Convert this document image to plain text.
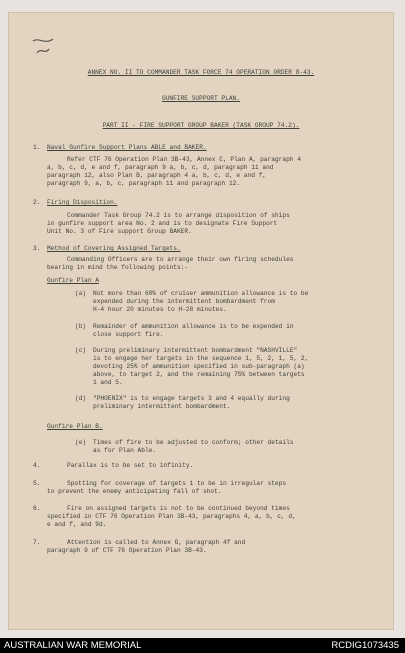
ANNEX NO. II TO COMMANDER TASK FORCE 74 OPERATION ORDER 8-43.
GUNFIRE SUPPORT PLAN.
PART II - FIRE SUPPORT GROUP BAKER (TASK GROUP 74.2).
1. Naval Gunfire Support Plans ABLE and BAKER.
Refer CTF 76 Operation Plan 3B-43, Annex C, Plan A, paragraph 4
a, b, c, d, e and f, paragraph 9 a, b, c, d, paragraph 11 and
paragraph 12, also Plan B, paragraph 4 a, b, c, d, e and f,
paragraph 9, a, b, c, paragraph 11 and paragraph 12.
2. Firing Disposition.
Commander Task Group 74.2 is to arrange disposition of ships
in gunfire support area No. 2 and is to designate Fire Support
Unit No. 3 of Fire support Group BAKER.
3. Method of Covering Assigned Targets.
Commanding Officers are to arrange their own firing schedules
bearing in mind the following points:-
Gunfire Plan A
(a) Not more than 60% of cruiser ammunition allowance is to be
expended during the intermittent bombardment from
H-4 hour 20 minutes to H-28 minutes.
(b) Remainder of ammunition allowance is to be expended in
close support fire.
(c) During preliminary intermittent bombardment "NASHVILLE"
is to engage her targets in the sequence 1, 5, 2, 1, 5, 2,
devoting 25% of ammunition specified in sub-paragraph (a)
above, to target 2, and the remaining 75% between targets
1 and 5.
(d) "PHOENIX" is to engage targets 3 and 4 equally during
preliminary intermittent bombardment.
Gunfire Plan B.
(e) Times of fire to be adjusted to conform; other details
as for Plan Able.
4.	Parallax is to be set to infinity.
5.	Spotting for coverage of targets 1 to be in irregular steps
to prevent the enemy anticipating fall of shot.
6.	Fire on assigned targets is not to be continued beyond times
specified in CTF 76 Operation Plan 3B-43, paragraphs 4, a, b, c, d,
e and f, and 9d.
7.	Attention is called to Annex G, paragraph 4f and
paragraph 9 of CTF 76 Operation Plan 3B-43.
AUSTRALIAN WAR MEMORIAL	RCDIG1073435
